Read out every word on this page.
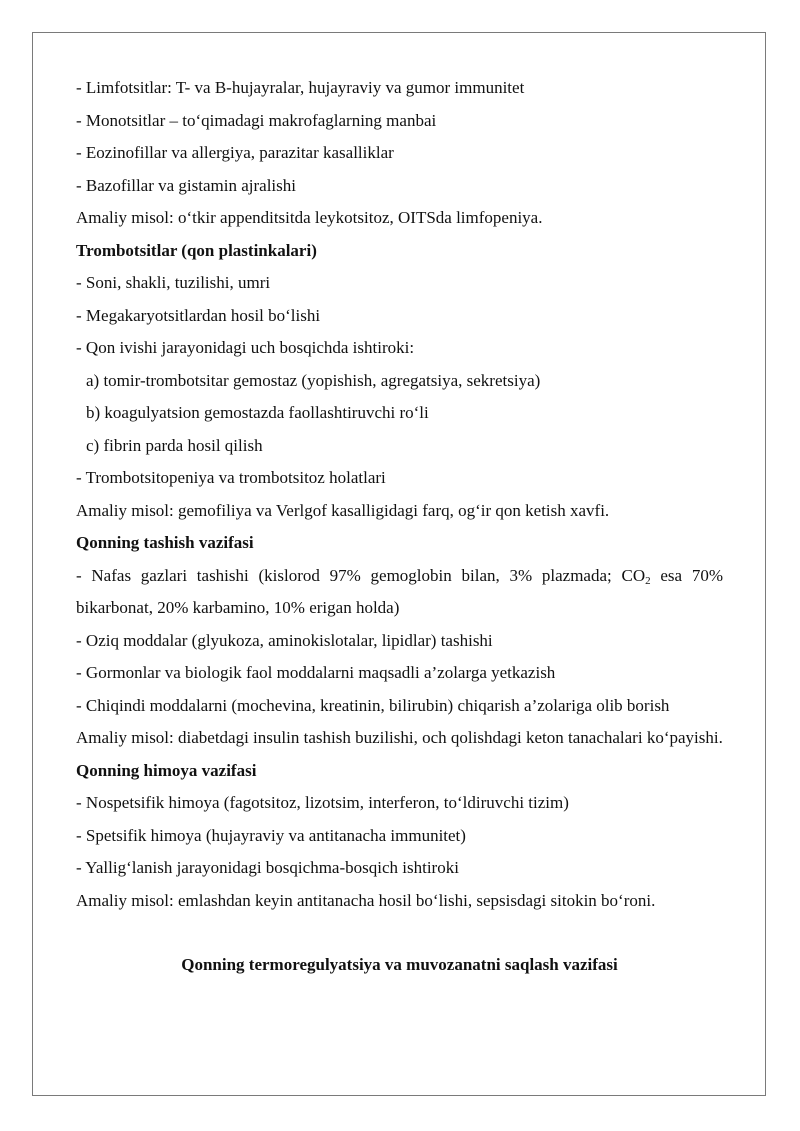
- Limfotsitlar: T- va B-hujayralar, hujayraviy va gumor immunitet

- Monotsitlar – to‘qimadagi makrofaglarning manbai

- Eozinofillar va allergiya, parazitar kasalliklar

- Bazofillar va gistamin ajralishi

Amaliy misol: o‘tkir appenditsitda leykotsitoz, OITSda limfopeniya.

Trombotsitlar (qon plastinkalari)

- Soni, shakli, tuzilishi, umri

- Megakaryotsitlardan hosil bo‘lishi

- Qon ivishi jarayonidagi uch bosqichda ishtiroki:

a) tomir-trombotsitar gemostaz (yopishish, agregatsiya, sekretsiya)

b) koagulyatsion gemostazda faollashtiruvchi ro‘li

c) fibrin parda hosil qilish

- Trombotsitopeniya va trombotsitoz holatlari

Amaliy misol: gemofiliya va Verlgof kasalligidagi farq, og‘ir qon ketish xavfi.

Qonning tashish vazifasi

- Nafas gazlari tashishi (kislorod 97% gemoglobin bilan, 3% plazmada; $CO_2$ esa 70% bikarbonat, 20% karbamino, 10% erigan holda)

- Oziq moddalar (glyukoza, aminokislotalar, lipidlar) tashishi

- Gormonlar va biologik faol moddalarni maqsadli a’zolarga yetkazish

- Chiqindi moddalarni (mochevina, kreatinin, bilirubin) chiqarish a’zolariga olib borish

Amaliy misol: diabetdagi insulin tashish buzilishi, och qolishdagi keton tanachalari ko‘payishi.

Qonning himoya vazifasi

- Nospetsifik himoya (fagotsitoz, lizotsim, interferon, to‘ldiruvchi tizim)

- Spetsifik himoya (hujayraviy va antitanacha immunitet)

- Yallig‘lanish jarayonidagi bosqichma-bosqich ishtiroki

Amaliy misol: emlashdan keyin antitanacha hosil bo‘lishi, sepsisdagi sitokin bo‘roni.

Qonning termoregulyatsiya va muvozanatni saqlash vazifasi
